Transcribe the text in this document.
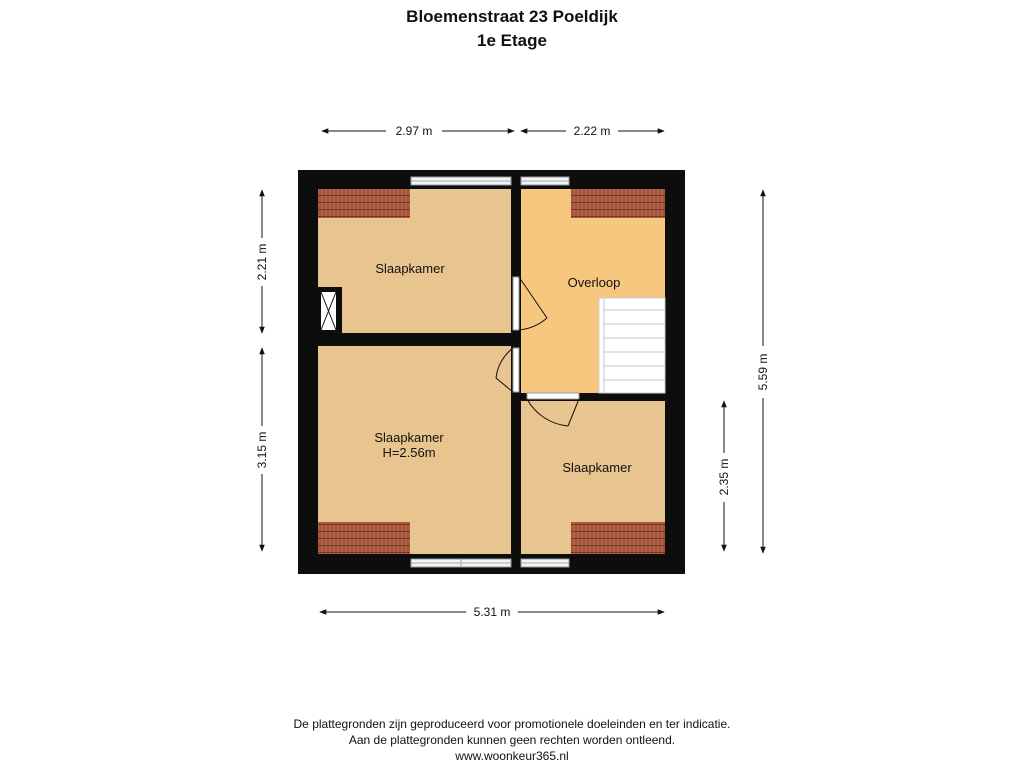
Bloemenstraat 23 Poeldijk
1e Etage
Slaapkamer
Overloop
Slaapkamer
H=2.56m
Slaapkamer
2.97 m	2.22 m
5.31 m
2.21 m
3.15 m
5.59 m
2.35 m
De plattegronden zijn geproduceerd voor promotionele doeleinden en ter indicatie.
Aan de plattegronden kunnen geen rechten worden ontleend.
www.woonkeur365.nl
